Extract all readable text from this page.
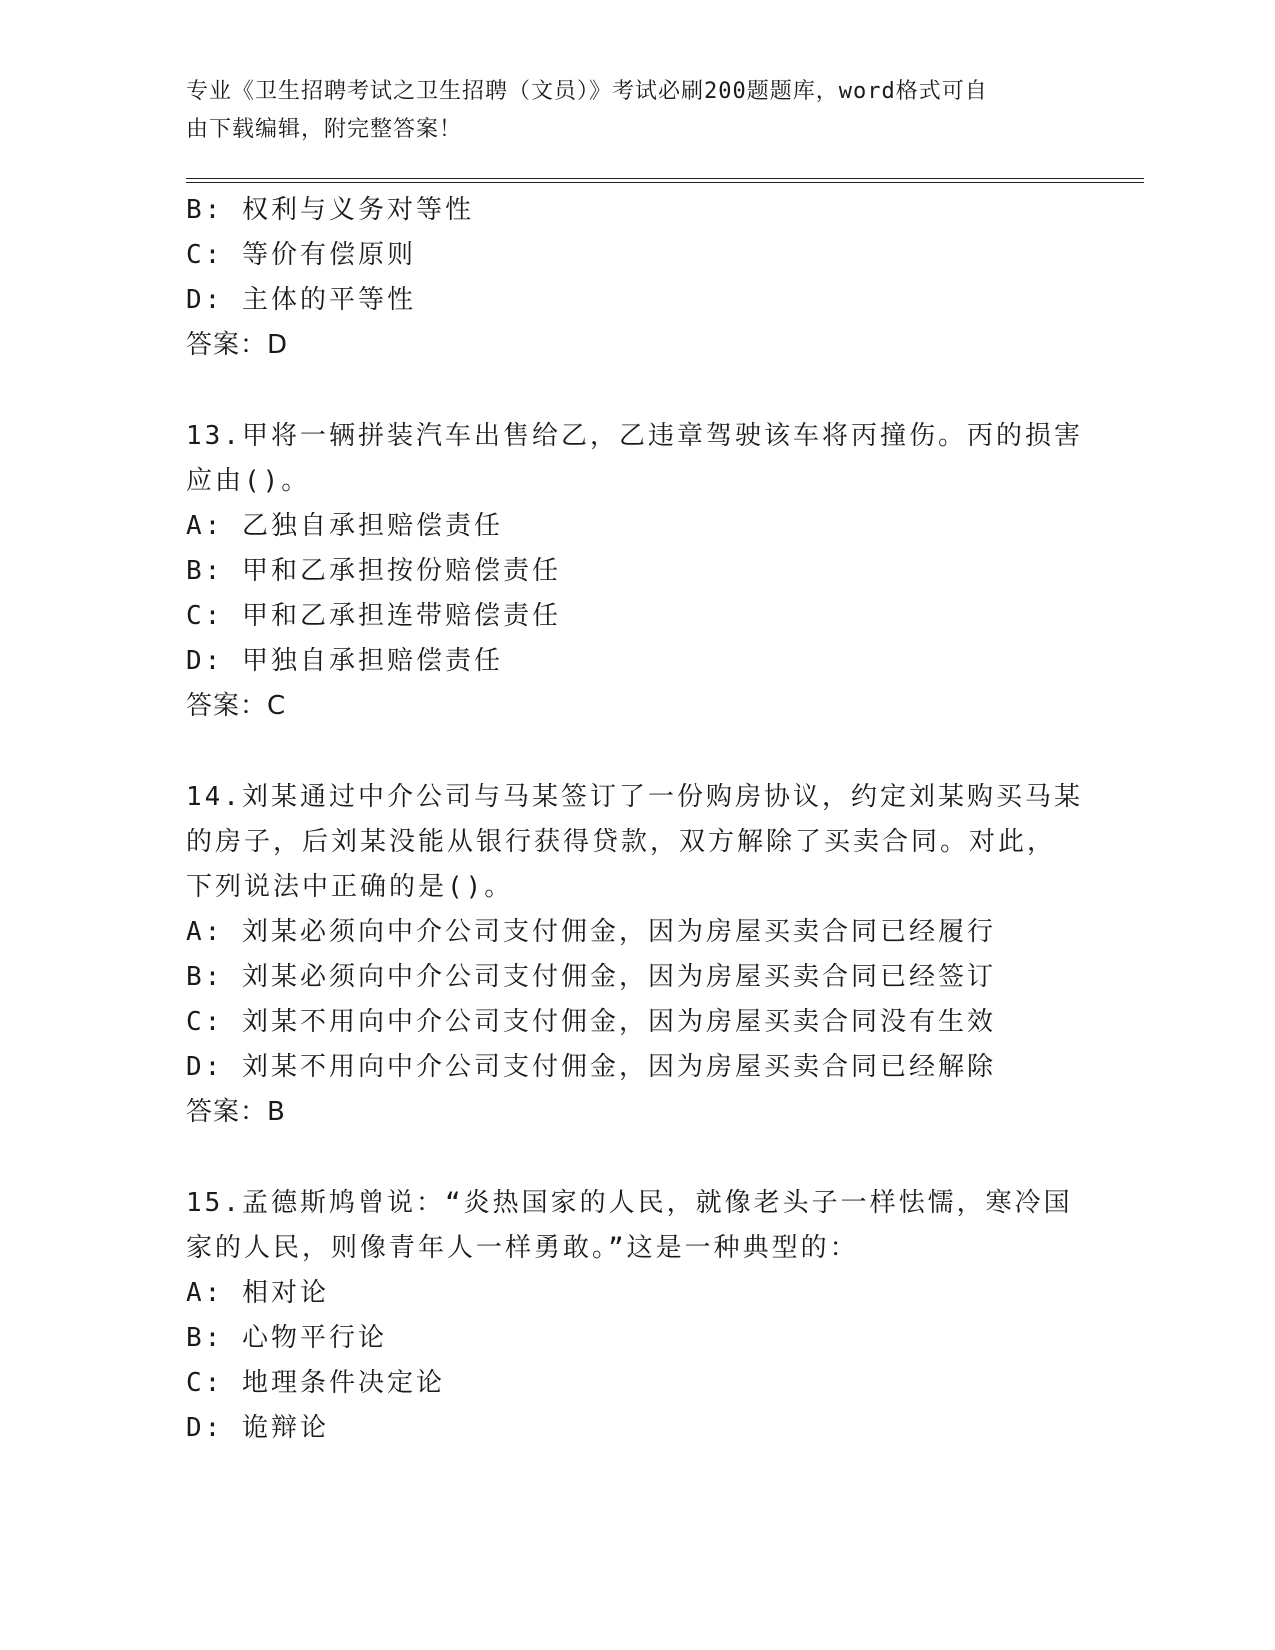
专业《卫生招聘考试之卫生招聘（文员）》考试必刷200题题库，word格式可自
由下载编辑，附完整答案！
B: 权利与义务对等性
C: 等价有偿原则
D: 主体的平等性
答案：D
13.甲将一辆拼装汽车出售给乙，乙违章驾驶该车将丙撞伤。丙的损害
应由()。
A: 乙独自承担赔偿责任
B: 甲和乙承担按份赔偿责任
C: 甲和乙承担连带赔偿责任
D: 甲独自承担赔偿责任
答案：C
14.刘某通过中介公司与马某签订了一份购房协议，约定刘某购买马某
的房子，后刘某没能从银行获得贷款，双方解除了买卖合同。对此，
下列说法中正确的是()。
A: 刘某必须向中介公司支付佣金，因为房屋买卖合同已经履行
B: 刘某必须向中介公司支付佣金，因为房屋买卖合同已经签订
C: 刘某不用向中介公司支付佣金，因为房屋买卖合同没有生效
D: 刘某不用向中介公司支付佣金，因为房屋买卖合同已经解除
答案：B
15.孟德斯鸠曾说：“炎热国家的人民，就像老头子一样怯懦，寒冷国
家的人民，则像青年人一样勇敢。”这是一种典型的：
A: 相对论
B: 心物平行论
C: 地理条件决定论
D: 诡辩论
